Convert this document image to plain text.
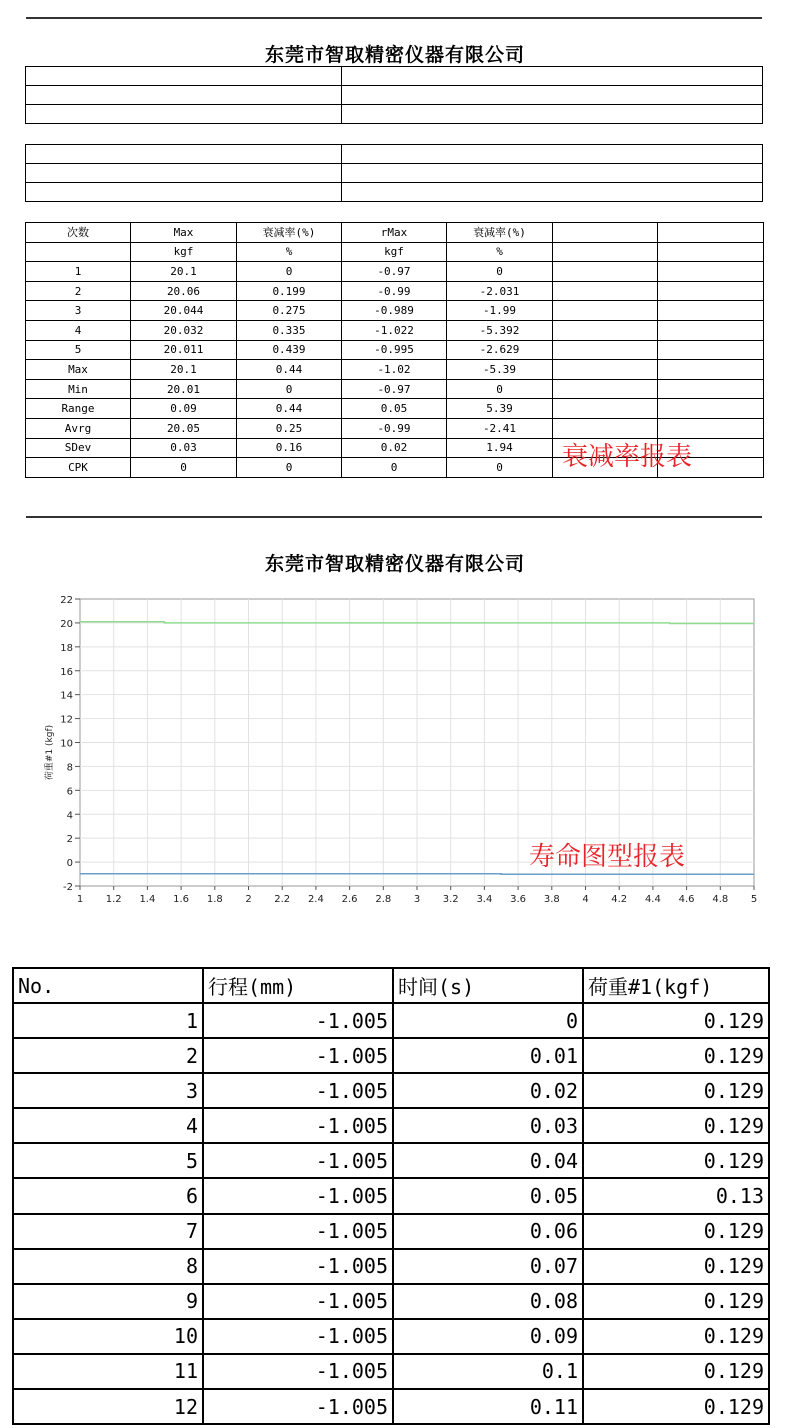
东莞市智取精密仪器有限公司

次数	Max	衰减率(%)	rMax	衰减率(%)		
	kgf	%	kgf	%		
1	20.1	0	-0.97	0		
2	20.06	0.199	-0.99	-2.031		
3	20.044	0.275	-0.989	-1.99		
4	20.032	0.335	-1.022	-5.392		
5	20.011	0.439	-0.995	-2.629		
Max	20.1	0.44	-1.02	-5.39		
Min	20.01	0	-0.97	0		
Range	0.09	0.44	0.05	5.39		
Avrg	20.05	0.25	-0.99	-2.41		
SDev	0.03	0.16	0.02	1.94		
CPK	0	0	0	0		衰减率报表
东莞市智取精密仪器有限公司
1 1.2 1.4 1.6 1.8 2 2.2 2.4 2.6 2.8 3 3.2 3.4 3.6 3.8 4 4.2 4.4 4.6 4.8 5
22
20
18
16
14
12
10
8
6
4
2
0
-2
荷重#1 (kgf)
寿命图型报表
No.	行程(mm)	时间(s)	荷重#1(kgf)
1	-1.005	0	0.129
2	-1.005	0.01	0.129
3	-1.005	0.02	0.129
4	-1.005	0.03	0.129
5	-1.005	0.04	0.129
6	-1.005	0.05	0.13
7	-1.005	0.06	0.129
8	-1.005	0.07	0.129
9	-1.005	0.08	0.129
10	-1.005	0.09	0.129
11	-1.005	0.1	0.129
12	-1.005	0.11	0.129
